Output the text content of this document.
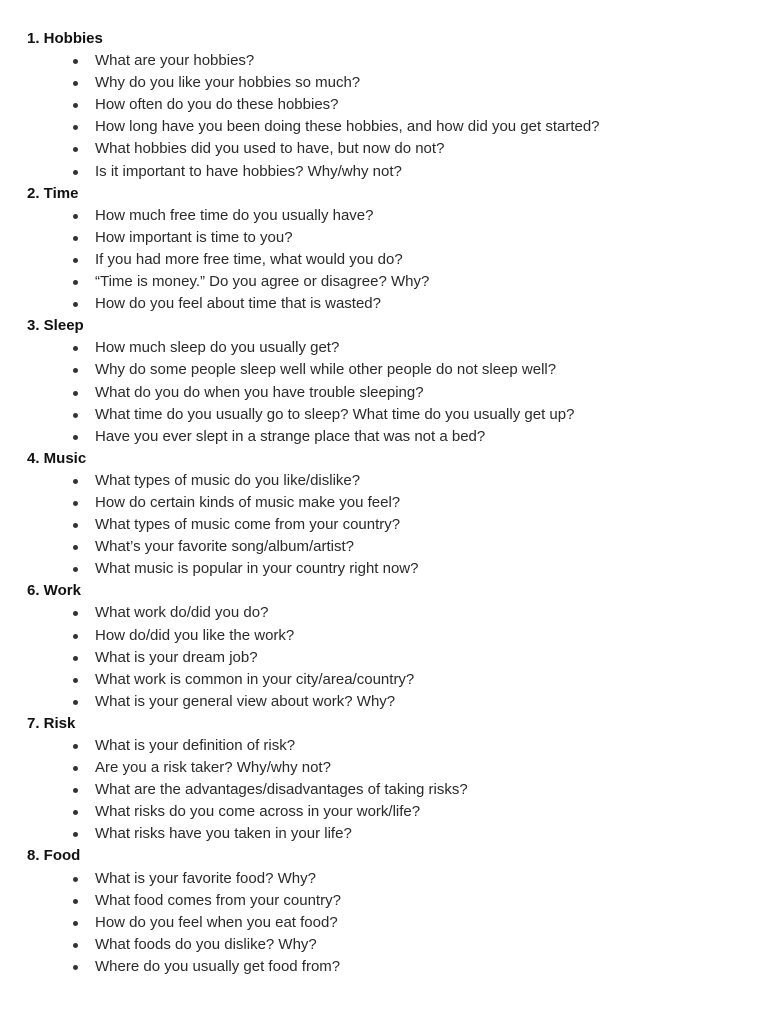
1. Hobbies
What are your hobbies?
Why do you like your hobbies so much?
How often do you do these hobbies?
How long have you been doing these hobbies, and how did you get started?
What hobbies did you used to have, but now do not?
Is it important to have hobbies? Why/why not?
2. Time
How much free time do you usually have?
How important is time to you?
If you had more free time, what would you do?
“Time is money.” Do you agree or disagree? Why?
How do you feel about time that is wasted?
3. Sleep
How much sleep do you usually get?
Why do some people sleep well while other people do not sleep well?
What do you do when you have trouble sleeping?
What time do you usually go to sleep? What time do you usually get up?
Have you ever slept in a strange place that was not a bed?
4. Music
What types of music do you like/dislike?
How do certain kinds of music make you feel?
What types of music come from your country?
What’s your favorite song/album/artist?
What music is popular in your country right now?
6. Work
What work do/did you do?
How do/did you like the work?
What is your dream job?
What work is common in your city/area/country?
What is your general view about work? Why?
7. Risk
What is your definition of risk?
Are you a risk taker? Why/why not?
What are the advantages/disadvantages of taking risks?
What risks do you come across in your work/life?
What risks have you taken in your life?
8. Food
What is your favorite food? Why?
What food comes from your country?
How do you feel when you eat food?
What foods do you dislike? Why?
Where do you usually get food from?
